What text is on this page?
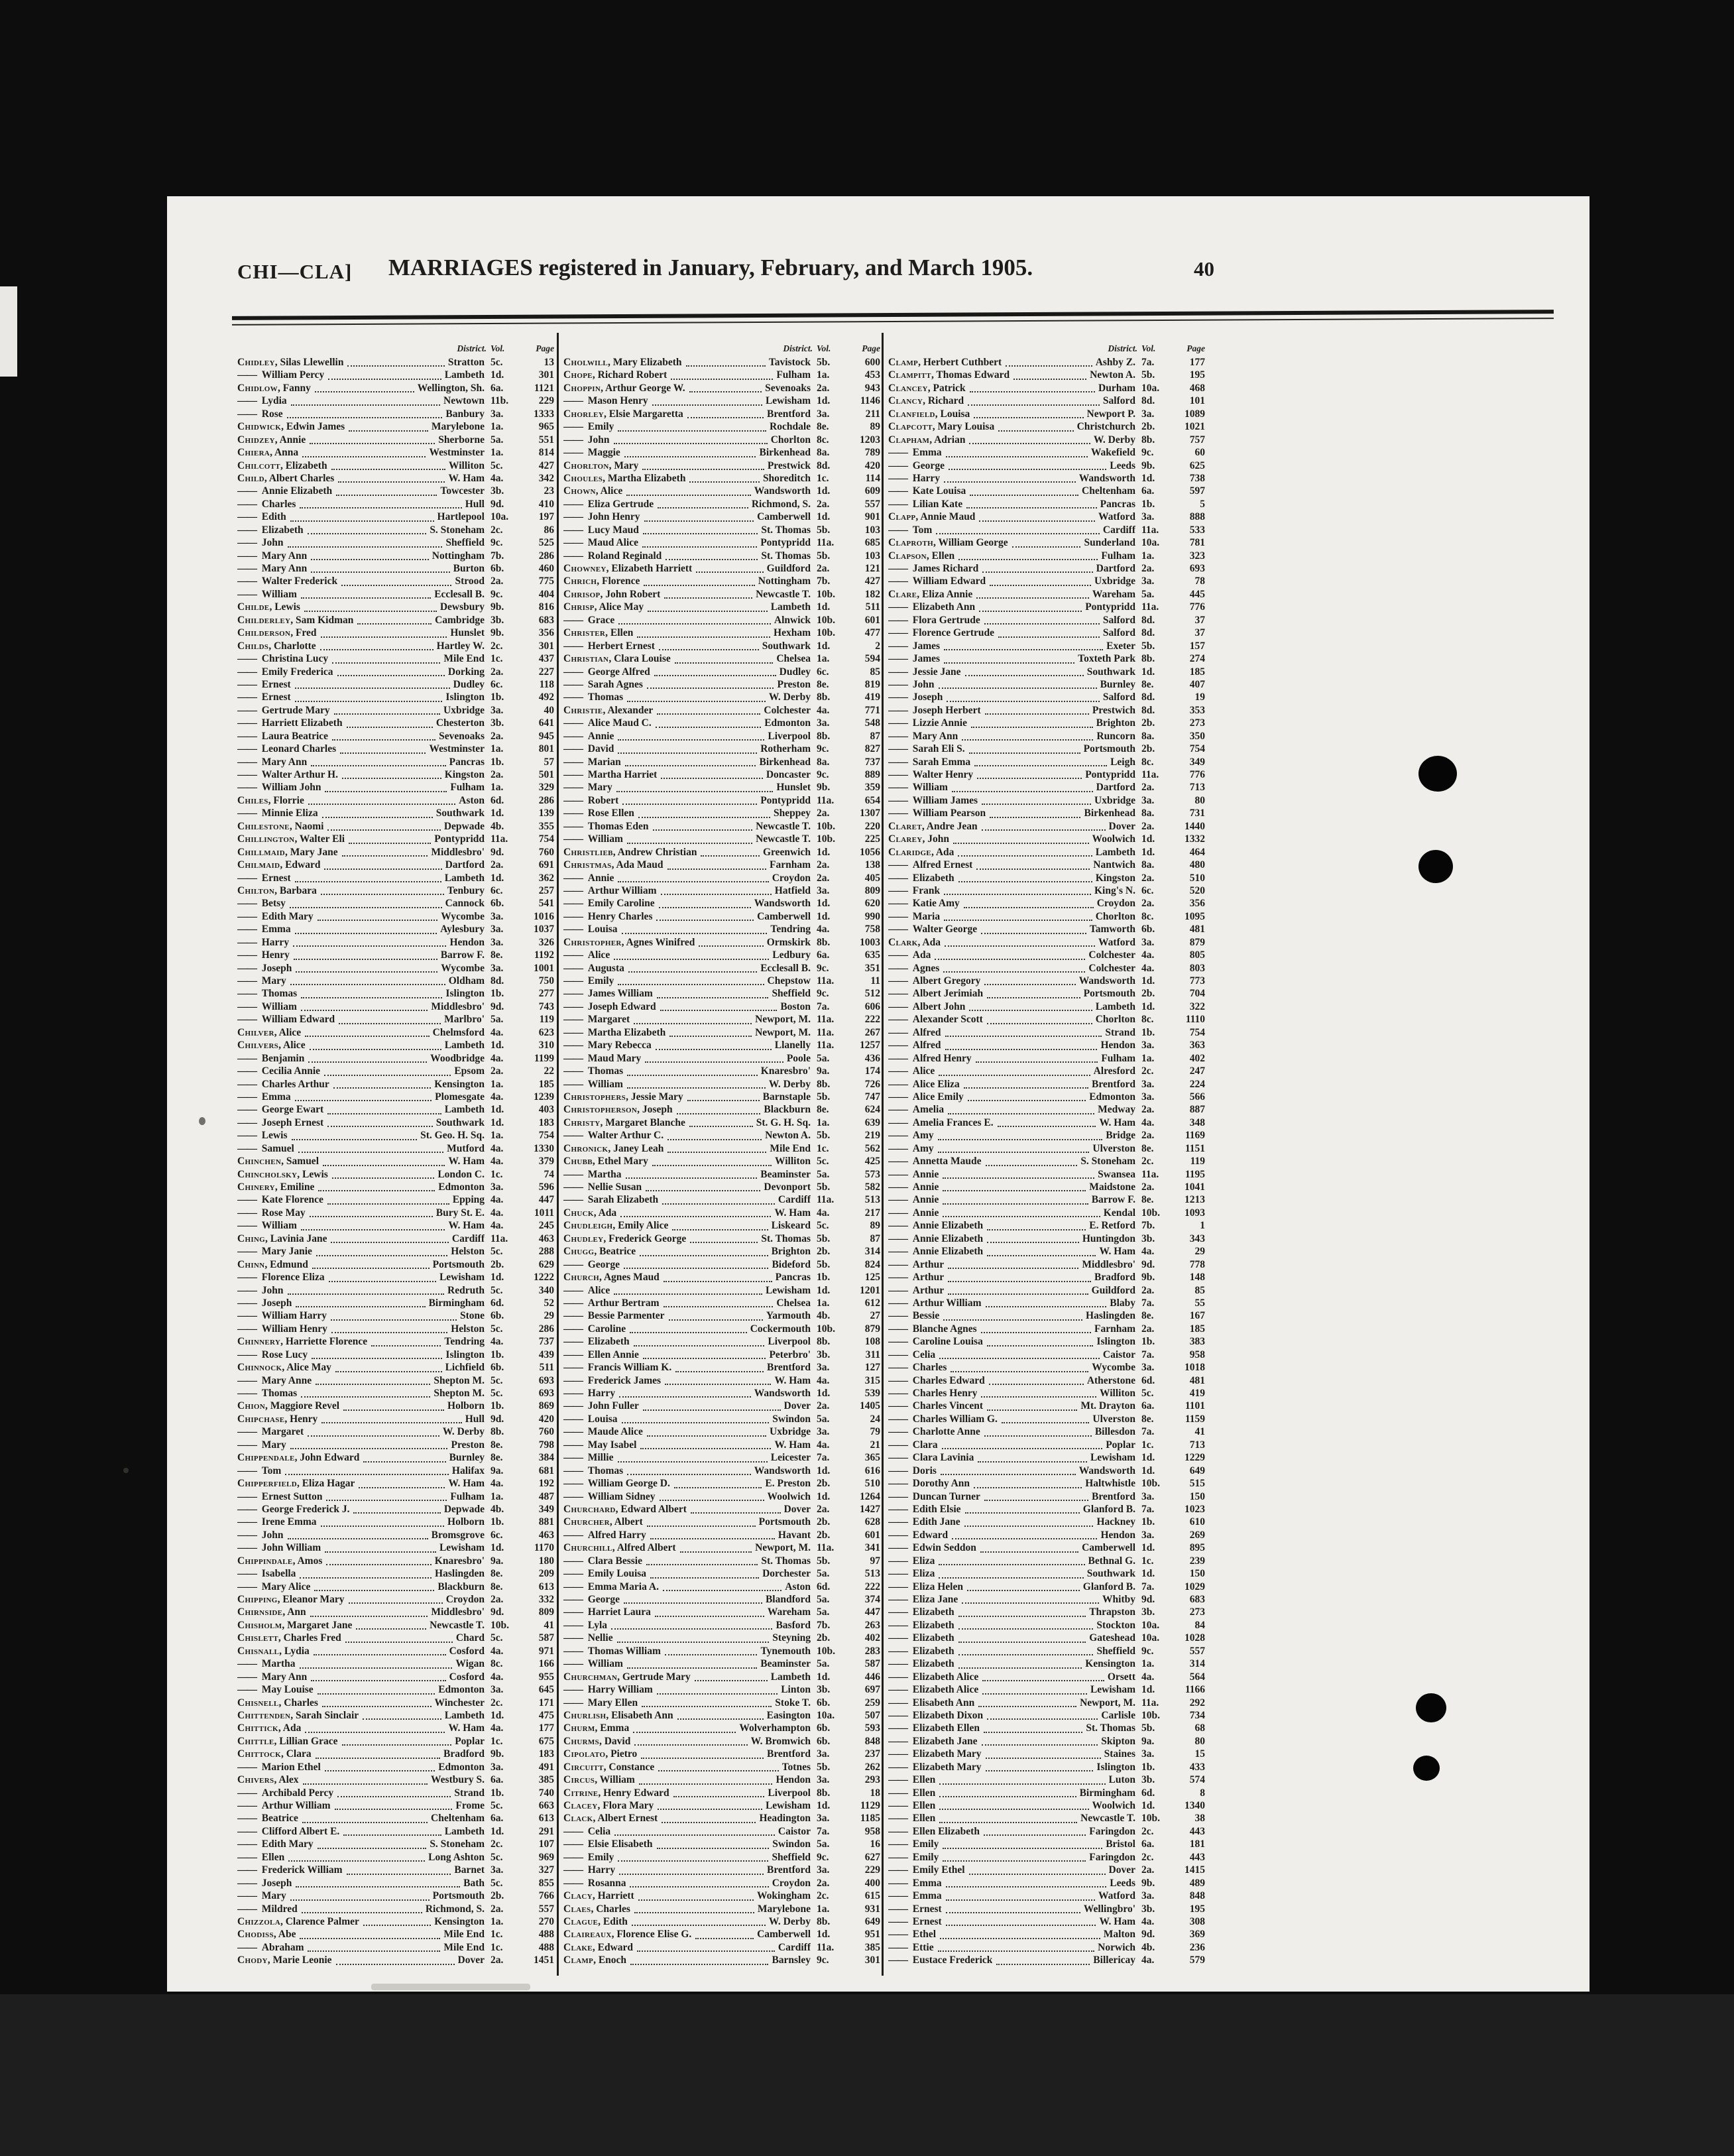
CHI—CLA]	MARRIAGES registered in January, February, and March 1905.	40
District. Vol.	Page
Chidley, Silas Llewellin	Stratton 5c.	13
—— William Percy	Lambeth 1d.	301
Chidlow, Fanny	Wellington, Sh. 6a.	1121
—— Lydia	Newtown 11b.	229
—— Rose	Banbury 3a.	1333
Chidwick, Edwin James	Marylebone 1a.	965
Chidzey, Annie	Sherborne 5a.	551
Chiera, Anna	Westminster 1a.	814
Chilcott, Elizabeth	Williton 5c.	427
Child, Albert Charles	W. Ham 4a.	342
—— Annie Elizabeth	Towcester 3b.	23
—— Charles	Hull 9d.	410
—— Edith	Hartlepool 10a.	197
—— Elizabeth	S. Stoneham 2c.	86
—— John	Sheffield 9c.	525
—— Mary Ann	Nottingham 7b.	286
—— Mary Ann	Burton 6b.	460
—— Walter Frederick	Strood 2a.	775
—— William	Ecclesall B. 9c.	404
Childe, Lewis	Dewsbury 9b.	816
Childerley, Sam Kidman	Cambridge 3b.	683
Childerson, Fred	Hunslet 9b.	356
Childs, Charlotte	Hartley W. 2c.	301
—— Christina Lucy	Mile End 1c.	437
—— Emily Frederica	Dorking 2a.	227
—— Ernest	Dudley 6c.	118
—— Ernest	Islington 1b.	492
—— Gertrude Mary	Uxbridge 3a.	40
—— Harriett Elizabeth	Chesterton 3b.	641
—— Laura Beatrice	Sevenoaks 2a.	945
—— Leonard Charles	Westminster 1a.	801
—— Mary Ann	Pancras 1b.	57
—— Walter Arthur H.	Kingston 2a.	501
—— William John	Fulham 1a.	329
Chiles, Florrie	Aston 6d.	286
—— Minnie Eliza	Southwark 1d.	139
Chilestone, Naomi	Depwade 4b.	355
Chillington, Walter Eli	Pontypridd 11a.	754
Chillmaid, Mary Jane	Middlesbro' 9d.	760
Chilmaid, Edward	Dartford 2a.	691
—— Ernest	Lambeth 1d.	362
Chilton, Barbara	Tenbury 6c.	257
—— Betsy	Cannock 6b.	541
—— Edith Mary	Wycombe 3a.	1016
—— Emma	Aylesbury 3a.	1037
—— Harry	Hendon 3a.	326
—— Henry	Barrow F. 8e.	1192
—— Joseph	Wycombe 3a.	1001
—— Mary	Oldham 8d.	750
—— Thomas	Islington 1b.	277
—— William	Middlesbro' 9d.	743
—— William Edward	Marlbro' 5a.	119
Chilver, Alice	Chelmsford 4a.	623
Chilvers, Alice	Lambeth 1d.	310
—— Benjamin	Woodbridge 4a.	1199
—— Cecilia Annie	Epsom 2a.	22
—— Charles Arthur	Kensington 1a.	185
—— Emma	Plomesgate 4a.	1239
—— George Ewart	Lambeth 1d.	403
—— Joseph Ernest	Southwark 1d.	183
—— Lewis	St. Geo. H. Sq. 1a.	754
—— Samuel	Mutford 4a.	1330
Chinchen, Samuel	W. Ham 4a.	379
Chincholsky, Lewis	London C. 1c.	74
Chinery, Emiline	Edmonton 3a.	596
—— Kate Florence	Epping 4a.	447
—— Rose May	Bury St. E. 4a.	1011
—— William	W. Ham 4a.	245
Ching, Lavinia Jane	Cardiff 11a.	463
—— Mary Janie	Helston 5c.	288
Chinn, Edmund	Portsmouth 2b.	629
—— Florence Eliza	Lewisham 1d.	1222
—— John	Redruth 5c.	340
—— Joseph	Birmingham 6d.	52
—— William Harry	Stone 6b.	29
—— William Henry	Helston 5c.	286
Chinnery, Harriette Florence	Tendring 4a.	737
—— Rose Lucy	Islington 1b.	439
Chinnock, Alice May	Lichfield 6b.	511
—— Mary Anne	Shepton M. 5c.	693
—— Thomas	Shepton M. 5c.	693
Chion, Maggiore Revel	Holborn 1b.	869
Chipchase, Henry	Hull 9d.	420
—— Margaret	W. Derby 8b.	760
—— Mary	Preston 8e.	798
Chippendale, John Edward	Burnley 8e.	384
—— Tom	Halifax 9a.	681
Chipperfield, Eliza Hagar	W. Ham 4a.	192
—— Ernest Sutton	Fulham 1a.	487
—— George Frederick J.	Depwade 4b.	349
—— Irene Emma	Holborn 1b.	881
—— John	Bromsgrove 6c.	463
—— John William	Lewisham 1d.	1170
Chippindale, Amos	Knaresbro' 9a.	180
—— Isabella	Haslingden 8e.	209
—— Mary Alice	Blackburn 8e.	613
Chipping, Eleanor Mary	Croydon 2a.	332
Chirnside, Ann	Middlesbro' 9d.	809
Chisholm, Margaret Jane	Newcastle T. 10b.	41
Chislett, Charles Fred	Chard 5c.	587
Chisnall, Lydia	Cosford 4a.	971
—— Martha	Wigan 8c.	166
—— Mary Ann	Cosford 4a.	955
—— May Louise	Edmonton 3a.	645
Chisnell, Charles	Winchester 2c.	171
Chittenden, Sarah Sinclair	Lambeth 1d.	475
Chittick, Ada	W. Ham 4a.	177
Chittle, Lillian Grace	Poplar 1c.	675
Chittock, Clara	Bradford 9b.	183
—— Marion Ethel	Edmonton 3a.	491
Chivers, Alex	Westbury S. 6a.	385
—— Archibald Percy	Strand 1b.	740
—— Arthur William	Frome 5c.	663
—— Beatrice	Cheltenham 6a.	613
—— Clifford Albert E.	Lambeth 1d.	291
—— Edith Mary	S. Stoneham 2c.	107
—— Ellen	Long Ashton 5c.	969
—— Frederick William	Barnet 3a.	327
—— Joseph	Bath 5c.	855
—— Mary	Portsmouth 2b.	766
—— Mildred	Richmond, S. 2a.	557
Chizzola, Clarence Palmer	Kensington 1a.	270
Chodiss, Abe	Mile End 1c.	488
—— Abraham	Mile End 1c.	488
Chody, Marie Leonie	Dover 2a.	1451
District. Vol.	Page
Cholwill, Mary Elizabeth	Tavistock 5b.	600
Chope, Richard Robert	Fulham 1a.	453
Choppin, Arthur George W.	Sevenoaks 2a.	943
—— Mason Henry	Lewisham 1d.	1146
Chorley, Elsie Margaretta	Brentford 3a.	211
—— Emily	Rochdale 8e.	89
—— John	Chorlton 8c.	1203
—— Maggie	Birkenhead 8a.	789
Chorlton, Mary	Prestwick 8d.	420
Choules, Martha Elizabeth	Shoreditch 1c.	114
Chown, Alice	Wandsworth 1d.	609
—— Eliza Gertrude	Richmond, S. 2a.	557
—— John Henry	Camberwell 1d.	901
—— Lucy Maud	St. Thomas 5b.	103
—— Maud Alice	Pontypridd 11a.	685
—— Roland Reginald	St. Thomas 5b.	103
Chowney, Elizabeth Harriett	Guildford 2a.	121
Chrich, Florence	Nottingham 7b.	427
Chrisop, John Robert	Newcastle T. 10b.	182
Chrisp, Alice May	Lambeth 1d.	511
—— Grace	Alnwick 10b.	601
Christer, Ellen	Hexham 10b.	477
—— Herbert Ernest	Southwark 1d.	2
Christian, Clara Louise	Chelsea 1a.	594
—— George Alfred	Dudley 6c.	85
—— Sarah Agnes	Preston 8e.	819
—— Thomas	W. Derby 8b.	419
Christie, Alexander	Colchester 4a.	771
—— Alice Maud C.	Edmonton 3a.	548
—— Annie	Liverpool 8b.	87
—— David	Rotherham 9c.	827
—— Marian	Birkenhead 8a.	737
—— Martha Harriet	Doncaster 9c.	889
—— Mary	Hunslet 9b.	359
—— Robert	Pontypridd 11a.	654
—— Rose Ellen	Sheppey 2a.	1307
—— Thomas Eden	Newcastle T. 10b.	220
—— William	Newcastle T. 10b.	225
Christlieb, Andrew Christian	Greenwich 1d.	1056
Christmas, Ada Maud	Farnham 2a.	138
—— Annie	Croydon 2a.	405
—— Arthur William	Hatfield 3a.	809
—— Emily Caroline	Wandsworth 1d.	620
—— Henry Charles	Camberwell 1d.	990
—— Louisa	Tendring 4a.	758
Christopher, Agnes Winifred	Ormskirk 8b.	1003
—— Alice	Ledbury 6a.	635
—— Augusta	Ecclesall B. 9c.	351
—— Emily	Chepstow 11a.	11
—— James William	Sheffield 9c.	512
—— Joseph Edward	Boston 7a.	606
—— Margaret	Newport, M. 11a.	222
—— Martha Elizabeth	Newport, M. 11a.	267
—— Mary Rebecca	Llanelly 11a.	1257
—— Maud Mary	Poole 5a.	436
—— Thomas	Knaresbro' 9a.	174
—— William	W. Derby 8b.	726
Christophers, Jessie Mary	Barnstaple 5b.	747
Christopherson, Joseph	Blackburn 8e.	624
Christy, Margaret Blanche	St. G. H. Sq. 1a.	639
—— Walter Arthur C.	Newton A. 5b.	219
Chronick, Janey Leah	Mile End 1c.	562
Chubb, Ethel Mary	Williton 5c.	425
—— Martha	Beaminster 5a.	573
—— Nellie Susan	Devonport 5b.	582
—— Sarah Elizabeth	Cardiff 11a.	513
Chuck, Ada	W. Ham 4a.	217
Chudleigh, Emily Alice	Liskeard 5c.	89
Chudley, Frederick George	St. Thomas 5b.	87
Chugg, Beatrice	Brighton 2b.	314
—— George	Bideford 5b.	824
Church, Agnes Maud	Pancras 1b.	125
—— Alice	Lewisham 1d.	1201
—— Arthur Bertram	Chelsea 1a.	612
—— Bessie Parmenter	Yarmouth 4b.	27
—— Caroline	Cockermouth 10b.	879
—— Elizabeth	Liverpool 8b.	108
—— Ellen Annie	Peterbro' 3b.	311
—— Francis William K.	Brentford 3a.	127
—— Frederick James	W. Ham 4a.	315
—— Harry	Wandsworth 1d.	539
—— John Fuller	Dover 2a.	1405
—— Louisa	Swindon 5a.	24
—— Maude Alice	Uxbridge 3a.	79
—— May Isabel	W. Ham 4a.	21
—— Millie	Leicester 7a.	365
—— Thomas	Wandsworth 1d.	616
—— William George D.	E. Preston 2b.	510
—— William Sidney	Woolwich 1d.	1264
Churchard, Edward Albert	Dover 2a.	1427
Churcher, Albert	Portsmouth 2b.	628
—— Alfred Harry	Havant 2b.	601
Churchill, Alfred Albert	Newport, M. 11a.	341
—— Clara Bessie	St. Thomas 5b.	97
—— Emily Louisa	Dorchester 5a.	513
—— Emma Maria A.	Aston 6d.	222
—— George	Blandford 5a.	374
—— Harriet Laura	Wareham 5a.	447
—— Lyla	Basford 7b.	263
—— Nellie	Steyning 2b.	402
—— Thomas William	Tynemouth 10b.	283
—— William	Beaminster 5a.	587
Churchman, Gertrude Mary	Lambeth 1d.	446
—— Harry William	Linton 3b.	697
—— Mary Ellen	Stoke T. 6b.	259
Churlish, Elisabeth Ann	Easington 10a.	507
Churm, Emma	Wolverhampton 6b.	593
Churms, David	W. Bromwich 6b.	848
Cipolato, Pietro	Brentford 3a.	237
Circuitt, Constance	Totnes 5b.	262
Circus, William	Hendon 3a.	293
Citrine, Henry Edward	Liverpool 8b.	18
Clacey, Flora Mary	Lewisham 1d.	1129
Clack, Albert Ernest	Headington 3a.	1185
—— Celia	Caistor 7a.	958
—— Elsie Elisabeth	Swindon 5a.	16
—— Emily	Sheffield 9c.	627
—— Harry	Brentford 3a.	229
—— Rosanna	Croydon 2a.	400
Clacy, Harriett	Wokingham 2c.	615
Claes, Charles	Marylebone 1a.	931
Clague, Edith	W. Derby 8b.	649
Claireaux, Florence Elise G.	Camberwell 1d.	951
Clake, Edward	Cardiff 11a.	385
Clamp, Enoch	Barnsley 9c.	301
District. Vol.	Page
Clamp, Herbert Cuthbert	Ashby Z. 7a.	177
Clampitt, Thomas Edward	Newton A. 5b.	195
Clancey, Patrick	Durham 10a.	468
Clancy, Richard	Salford 8d.	101
Clanfield, Louisa	Newport P. 3a.	1089
Clapcott, Mary Louisa	Christchurch 2b.	1021
Clapham, Adrian	W. Derby 8b.	757
—— Emma	Wakefield 9c.	60
—— George	Leeds 9b.	625
—— Harry	Wandsworth 1d.	738
—— Kate Louisa	Cheltenham 6a.	597
—— Lilian Kate	Pancras 1b.	5
Clapp, Annie Maud	Watford 3a.	888
—— Tom	Cardiff 11a.	533
Claproth, William George	Sunderland 10a.	781
Clapson, Ellen	Fulham 1a.	323
—— James Richard	Dartford 2a.	693
—— William Edward	Uxbridge 3a.	78
Clare, Eliza Annie	Wareham 5a.	445
—— Elizabeth Ann	Pontypridd 11a.	776
—— Flora Gertrude	Salford 8d.	37
—— Florence Gertrude	Salford 8d.	37
—— James	Exeter 5b.	157
—— James	Toxteth Park 8b.	274
—— Jessie Jane	Southwark 1d.	185
—— John	Burnley 8e.	407
—— Joseph	Salford 8d.	19
—— Joseph Herbert	Prestwich 8d.	353
—— Lizzie Annie	Brighton 2b.	273
—— Mary Ann	Runcorn 8a.	350
—— Sarah Eli S.	Portsmouth 2b.	754
—— Sarah Emma	Leigh 8c.	349
—— Walter Henry	Pontypridd 11a.	776
—— William	Dartford 2a.	713
—— William James	Uxbridge 3a.	80
—— William Pearson	Birkenhead 8a.	731
Claret, Andre Jean	Dover 2a.	1440
Clarey, John	Woolwich 1d.	1332
Claridge, Ada	Lambeth 1d.	464
—— Alfred Ernest	Nantwich 8a.	480
—— Elizabeth	Kingston 2a.	510
—— Frank	King's N. 6c.	520
—— Katie Amy	Croydon 2a.	356
—— Maria	Chorlton 8c.	1095
—— Walter George	Tamworth 6b.	481
Clark, Ada	Watford 3a.	879
—— Ada	Colchester 4a.	805
—— Agnes	Colchester 4a.	803
—— Albert Gregory	Wandsworth 1d.	773
—— Albert Jerimiah	Portsmouth 2b.	704
—— Albert John	Lambeth 1d.	322
—— Alexander Scott	Chorlton 8c.	1110
—— Alfred	Strand 1b.	754
—— Alfred	Hendon 3a.	363
—— Alfred Henry	Fulham 1a.	402
—— Alice	Alresford 2c.	247
—— Alice Eliza	Brentford 3a.	224
—— Alice Emily	Edmonton 3a.	566
—— Amelia	Medway 2a.	887
—— Amelia Frances E.	W. Ham 4a.	348
—— Amy	Bridge 2a.	1169
—— Amy	Ulverston 8e.	1151
—— Annetta Maude	S. Stoneham 2c.	119
—— Annie	Swansea 11a.	1195
—— Annie	Maidstone 2a.	1041
—— Annie	Barrow F. 8e.	1213
—— Annie	Kendal 10b.	1093
—— Annie Elizabeth	E. Retford 7b.	1
—— Annie Elizabeth	Huntingdon 3b.	343
—— Annie Elizabeth	W. Ham 4a.	29
—— Arthur	Middlesbro' 9d.	778
—— Arthur	Bradford 9b.	148
—— Arthur	Guildford 2a.	85
—— Arthur William	Blaby 7a.	55
—— Bessie	Haslingden 8e.	167
—— Blanche Agnes	Farnham 2a.	185
—— Caroline Louisa	Islington 1b.	383
—— Celia	Caistor 7a.	958
—— Charles	Wycombe 3a.	1018
—— Charles Edward	Atherstone 6d.	481
—— Charles Henry	Williton 5c.	419
—— Charles Vincent	Mt. Drayton 6a.	1101
—— Charles William G.	Ulverston 8e.	1159
—— Charlotte Anne	Billesdon 7a.	41
—— Clara	Poplar 1c.	713
—— Clara Lavinia	Lewisham 1d.	1229
—— Doris	Wandsworth 1d.	649
—— Dorothy Ann	Haltwhistle 10b.	515
—— Duncan Turner	Brentford 3a.	150
—— Edith Elsie	Glanford B. 7a.	1023
—— Edith Jane	Hackney 1b.	610
—— Edward	Hendon 3a.	269
—— Edwin Seddon	Camberwell 1d.	895
—— Eliza	Bethnal G. 1c.	239
—— Eliza	Southwark 1d.	150
—— Eliza Helen	Glanford B. 7a.	1029
—— Eliza Jane	Whitby 9d.	683
—— Elizabeth	Thrapston 3b.	273
—— Elizabeth	Stockton 10a.	84
—— Elizabeth	Gateshead 10a.	1028
—— Elizabeth	Sheffield 9c.	557
—— Elizabeth	Kensington 1a.	314
—— Elizabeth Alice	Orsett 4a.	564
—— Elizabeth Alice	Lewisham 1d.	1166
—— Elisabeth Ann	Newport, M. 11a.	292
—— Elizabeth Dixon	Carlisle 10b.	734
—— Elizabeth Ellen	St. Thomas 5b.	68
—— Elizabeth Jane	Skipton 9a.	80
—— Elizabeth Mary	Staines 3a.	15
—— Elizabeth Mary	Islington 1b.	433
—— Ellen	Luton 3b.	574
—— Ellen	Birmingham 6d.	8
—— Ellen	Woolwich 1d.	1340
—— Ellen	Newcastle T. 10b.	38
—— Ellen Elizabeth	Faringdon 2c.	443
—— Emily	Bristol 6a.	181
—— Emily	Faringdon 2c.	443
—— Emily Ethel	Dover 2a.	1415
—— Emma	Leeds 9b.	489
—— Emma	Watford 3a.	848
—— Ernest	Wellingbro' 3b.	195
—— Ernest	W. Ham 4a.	308
—— Ethel	Malton 9d.	369
—— Ettie	Norwich 4b.	236
—— Eustace Frederick	Billericay 4a.	579
